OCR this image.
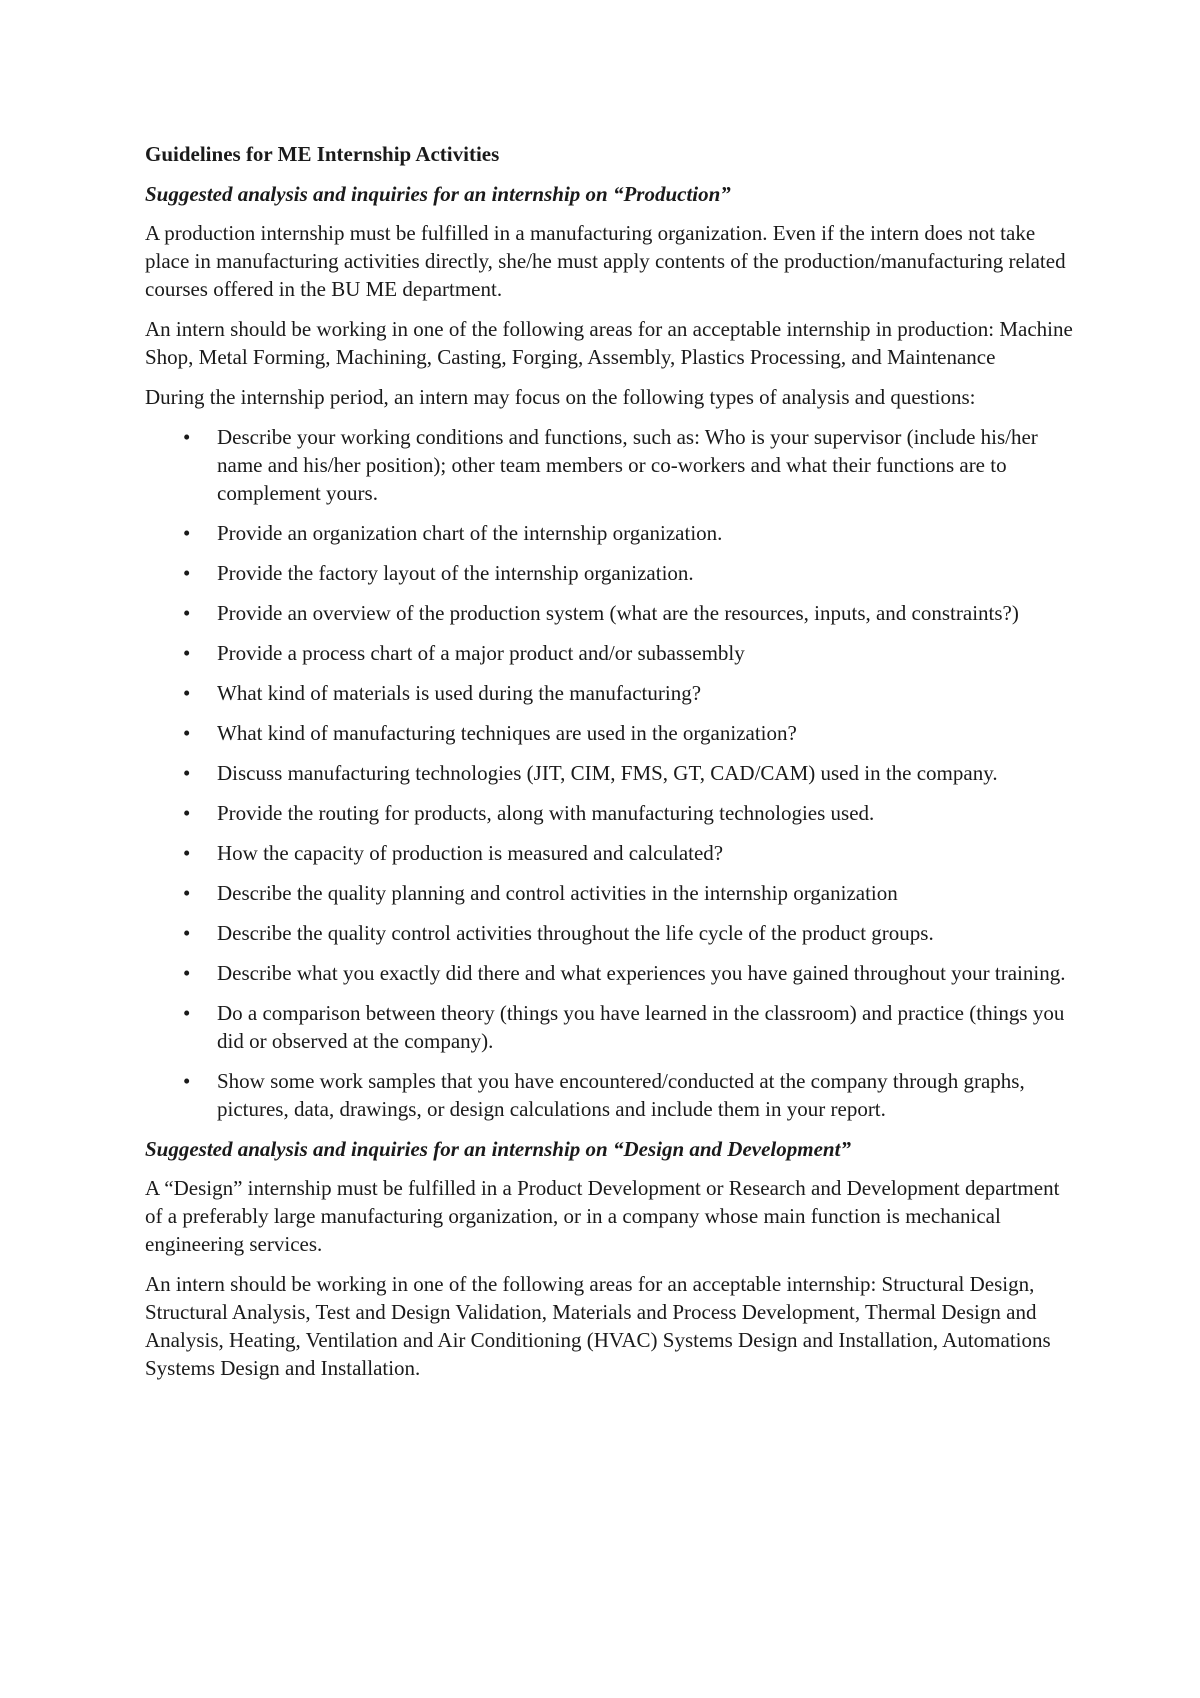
Guidelines for ME Internship Activities

Suggested analysis and inquiries for an internship on “Production”

A production internship must be fulfilled in a manufacturing organization. Even if the intern does not take place in manufacturing activities directly, she/he must apply contents of the production/manufacturing related courses offered in the BU ME department.

An intern should be working in one of the following areas for an acceptable internship in production: Machine Shop, Metal Forming, Machining, Casting, Forging, Assembly, Plastics Processing, and Maintenance

During the internship period, an intern may focus on the following types of analysis and questions:

• Describe your working conditions and functions, such as: Who is your supervisor (include his/her name and his/her position); other team members or co-workers and what their functions are to complement yours.
• Provide an organization chart of the internship organization.
• Provide the factory layout of the internship organization.
• Provide an overview of the production system (what are the resources, inputs, and constraints?)
• Provide a process chart of a major product and/or subassembly
• What kind of materials is used during the manufacturing?
• What kind of manufacturing techniques are used in the organization?
• Discuss manufacturing technologies (JIT, CIM, FMS, GT, CAD/CAM) used in the company.
• Provide the routing for products, along with manufacturing technologies used.
• How the capacity of production is measured and calculated?
• Describe the quality planning and control activities in the internship organization
• Describe the quality control activities throughout the life cycle of the product groups.
• Describe what you exactly did there and what experiences you have gained throughout your training.
• Do a comparison between theory (things you have learned in the classroom) and practice (things you did or observed at the company).
• Show some work samples that you have encountered/conducted at the company through graphs, pictures, data, drawings, or design calculations and include them in your report.

Suggested analysis and inquiries for an internship on “Design and Development”

A “Design” internship must be fulfilled in a Product Development or Research and Development department of a preferably large manufacturing organization, or in a company whose main function is mechanical engineering services.

An intern should be working in one of the following areas for an acceptable internship: Structural Design, Structural Analysis, Test and Design Validation, Materials and Process Development, Thermal Design and Analysis, Heating, Ventilation and Air Conditioning (HVAC) Systems Design and Installation, Automations Systems Design and Installation.
